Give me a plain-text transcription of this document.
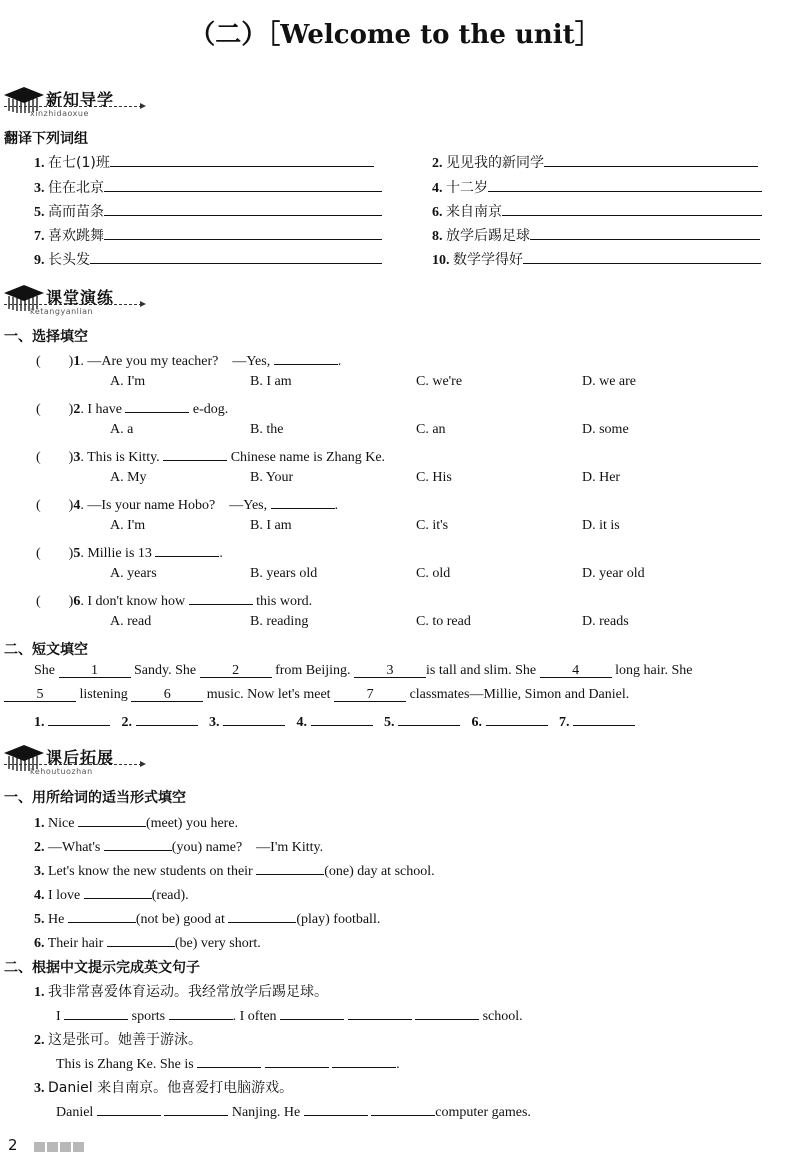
（二）［Welcome to the unit］
新知导学
xinzhidaoxue
翻译下列词组
1. 在七(1)班	2. 见见我的新同学
3. 住在北京	4. 十二岁
5. 高而苗条	6. 来自南京
7. 喜欢跳舞	8. 放学后踢足球
9. 长头发	10. 数学学得好
课堂演练
ketangyanlian
一、选择填空
(　　)1. —Are you my teacher?　—Yes,	.
A. I'm	B. I am	C. we're	D. we are
(　　)2. I have	e-dog.
A. a	B. the	C. an	D. some
(　　)3. This is Kitty.	Chinese name is Zhang Ke.
A. My	B. Your	C. His	D. Her
(　　)4. —Is your name Hobo?　—Yes,	.
A. I'm	B. I am	C. it's	D. it is
(　　)5. Millie is 13	.
A. years	B. years old	C. old	D. year old
(　　)6. I don't know how	this word.
A. read	B. reading	C. to read	D. reads
二、短文填空
She	1	Sandy. She	2	from Beijing.	3 is tall and slim. She	4	long hair. She
5	listening	6	music. Now let's meet	7	classmates—Millie, Simon and Daniel.
1.	2.	3.	4.	5.	6.	7.
课后拓展
kehoutuozhan
一、用所给词的适当形式填空
1. Nice	(meet) you here.
2. —What's	(you) name?　—I'm Kitty.
3. Let's know the new students on their	(one) day at school.
4. I love	(read).
5. He	(not be) good at	(play) football.
6. Their hair	(be) very short.
二、根据中文提示完成英文句子
1. 我非常喜爱体育运动。我经常放学后踢足球。
I	sports	. I often	school.
2. 这是张可。她善于游泳。
This is Zhang Ke. She is	.
3. Daniel 来自南京。他喜爱打电脑游戏。
Daniel	Nanjing. He	computer games.
2
